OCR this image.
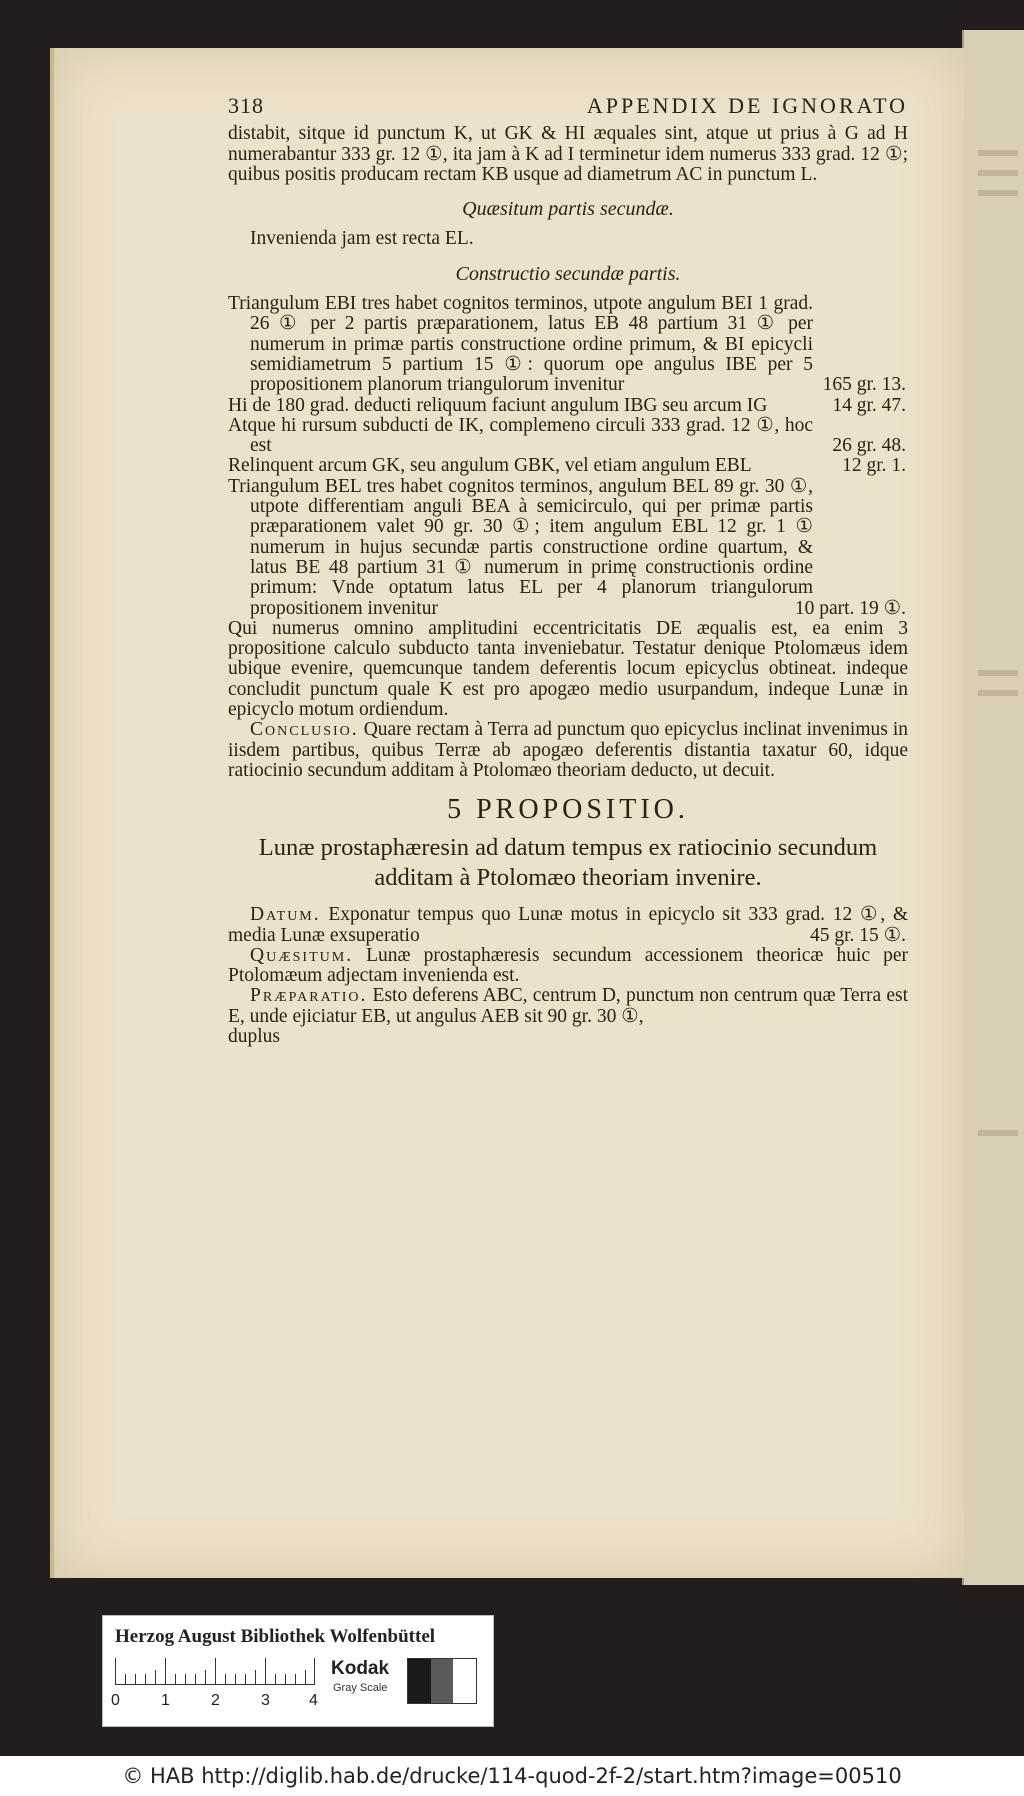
318	APPENDIX DE IGNORATO

distabit, sitque id punctum K, ut GK & HI æquales sint, atque ut prius à G ad H numerabantur 333 gr. 12 ①, ita jam à K ad I terminetur idem numerus 333 grad. 12 ①; quibus positis producam rectam KB usque ad diametrum AC in punctum L.

Quæsitum partis secundæ.

Invenienda jam est recta EL.

Constructio secundæ partis.

Triangulum EBI tres habet cognitos terminos, utpote angulum BEI 1 grad. 26 ① per 2 partis præparationem, latus EB 48 partium 31 ① per numerum in primæ partis constructione ordine primum, & BI epicycli semidiametrum 5 partium 15 ①: quorum ope angulus IBE per 5 propositionem planorum triangulorum invenitur	165 gr. 13.

Hi de 180 grad. deducti reliquum faciunt angulum IBG seu arcum IG	14 gr. 47.

Atque hi rursum subducti de IK, complemeno circuli 333 grad. 12 ①, hoc est	26 gr. 48.

Relinquent arcum GK, seu angulum GBK, vel etiam angulum EBL	12 gr. 1.

Triangulum BEL tres habet cognitos terminos, angulum BEL 89 gr. 30 ①, utpote differentiam anguli BEA à semicirculo, qui per primæ partis præparationem valet 90 gr. 30 ①; item angulum EBL 12 gr. 1 ① numerum in hujus secundæ partis constructione ordine quartum, & latus BE 48 partium 31 ① numerum in primę constructionis ordine primum: Vnde optatum latus EL per 4 planorum triangulorum propositionem invenitur	10 part. 19 ①.

Qui numerus omnino amplitudini eccentricitatis DE æqualis est, ea enim 3 propositione calculo subducto tanta inveniebatur. Testatur denique Ptolomæus idem ubique evenire, quemcunque tandem deferentis locum epicyclus obtineat. indeque concludit punctum quale K est pro apogæo medio usurpandum, indeque Lunæ in epicyclo motum ordiendum.

Conclusio. Quare rectam à Terra ad punctum quo epicyclus inclinat invenimus in iisdem partibus, quibus Terræ ab apogæo deferentis distantia taxatur 60, idque ratiocinio secundum additam à Ptolomæo theoriam deducto, ut decuit.

5 PROPOSITIO.
Lunæ prostaphæresin ad datum tempus ex ratiocinio secundum additam à Ptolomæo theoriam invenire.

Datum. Exponatur tempus quo Lunæ motus in epicyclo sit 333 grad. 12 ①, & media Lunæ exsuperatio	45 gr. 15 ①.

Quæsitum. Lunæ prostaphæresis secundum accessionem theoricæ huic per Ptolomæum adjectam invenienda est.

Præparatio. Esto deferens ABC, centrum D, punctum non centrum quæ Terra est E, unde ejiciatur EB, ut angulus AEB sit 90 gr. 30 ①,

duplus

Herzog August Bibliothek Wolfenbüttel
0	1	2	3 4
Kodak
Gray Scale
© HAB http://diglib.hab.de/drucke/114-quod-2f-2/start.htm?image=00510
